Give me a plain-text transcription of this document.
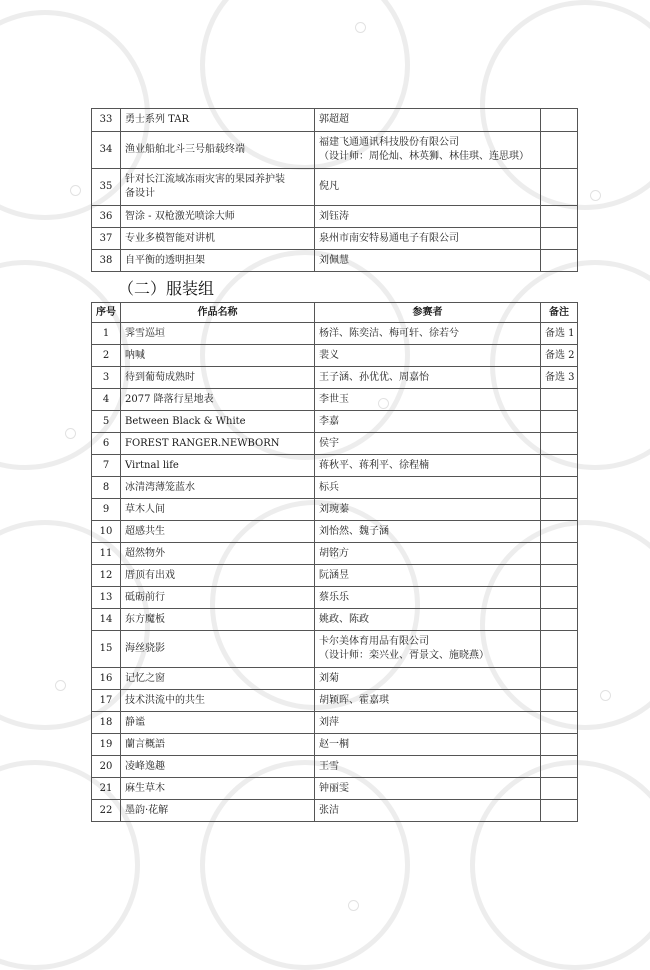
33	勇士系列 TAR	郭超超	
34	渔业船舶北斗三号船载终端	福建飞通通讯科技股份有限公司
（设计师：周伦灿、林英狮、林佳琪、连思琪）	

35	针对长江流域冻雨灾害的果园养护装
备设计	倪凡	
36	智涂 - 双枪激光喷涂大师	刘钰涛	
37	专业多模智能对讲机	泉州市南安特易通电子有限公司	
38	自平衡的透明担架	刘佩慧	
（二）服装组
序号	作品名称	参赛者	备注
1	霁雪巡垣	杨洋、陈奕洁、梅可轩、徐若兮	备选 1
2	呐喊	裴义	备选 2
3	待到葡萄成熟时	王子涵、孙优优、周嘉怡	备选 3
4	2077 降落行星地表	李世玉	
5	Between Black & White	李嘉	
6	FOREST RANGER.NEWBORN	侯宇	
7	Virtnal life	蒋秋平、蒋利平、徐程楠	
8	冰清湾薄笼蓝水	标兵	
9	草木人间	刘琬蓁	
10	超感共生	刘怡然、魏子涵	
11	超然物外	胡铭方	
12	厝顶有出戏	阮涵昱	
13	砥砺前行	蔡乐乐	
14	东方魔板	姚政、陈政	
15	海丝骁影	卡尔美体育用品有限公司
（设计师：栾兴业、胥景文、施晓燕）	

16	记忆之窗	刘菊	
17	技术洪流中的共生	胡颖晖、霍嘉琪	
18	静谧	刘萍	
19	蘭言概語	赵一桐	
20	凌峰逸趣	王雪	
21	麻生草木	钟丽雯	
22	墨韵·花解	张洁	
